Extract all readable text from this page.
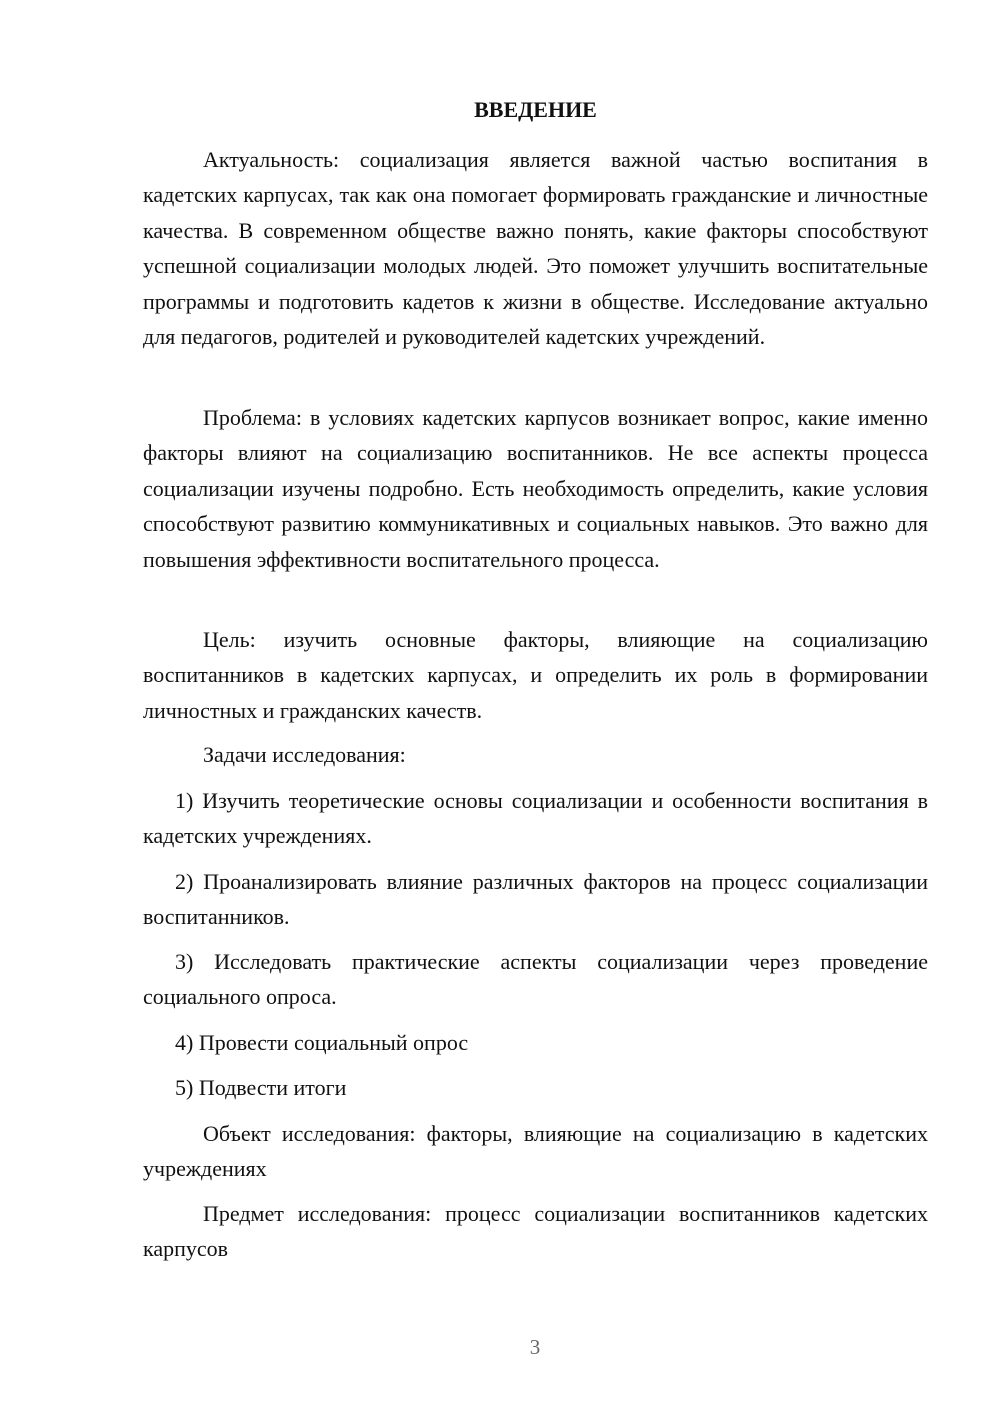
ВВЕДЕНИЕ

Актуальность: социализация является важной частью воспитания в кадетских карпусах, так как она помогает формировать гражданские и личностные качества. В современном обществе важно понять, какие факторы способствуют успешной социализации молодых людей. Это поможет улучшить воспитательные программы и подготовить кадетов к жизни в обществе. Исследование актуально для педагогов, родителей и руководителей кадетских учреждений.

Проблема: в условиях кадетских карпусов возникает вопрос, какие именно факторы влияют на социализацию воспитанников. Не все аспекты процесса социализации изучены подробно. Есть необходимость определить, какие условия способствуют развитию коммуникативных и социальных навыков. Это важно для повышения эффективности воспитательного процесса.

Цель: изучить основные факторы, влияющие на социализацию воспитанников в кадетских карпусах, и определить их роль в формировании личностных и гражданских качеств.

Задачи исследования:

1) Изучить теоретические основы социализации и особенности воспитания в кадетских учреждениях.

2) Проанализировать влияние различных факторов на процесс социализации воспитанников.

3) Исследовать практические аспекты социализации через проведение социального опроса.

4) Провести социальный опрос

5) Подвести итоги

Объект исследования: факторы, влияющие на социализацию в кадетских учреждениях

Предмет исследования: процесс социализации воспитанников кадетских карпусов

3
